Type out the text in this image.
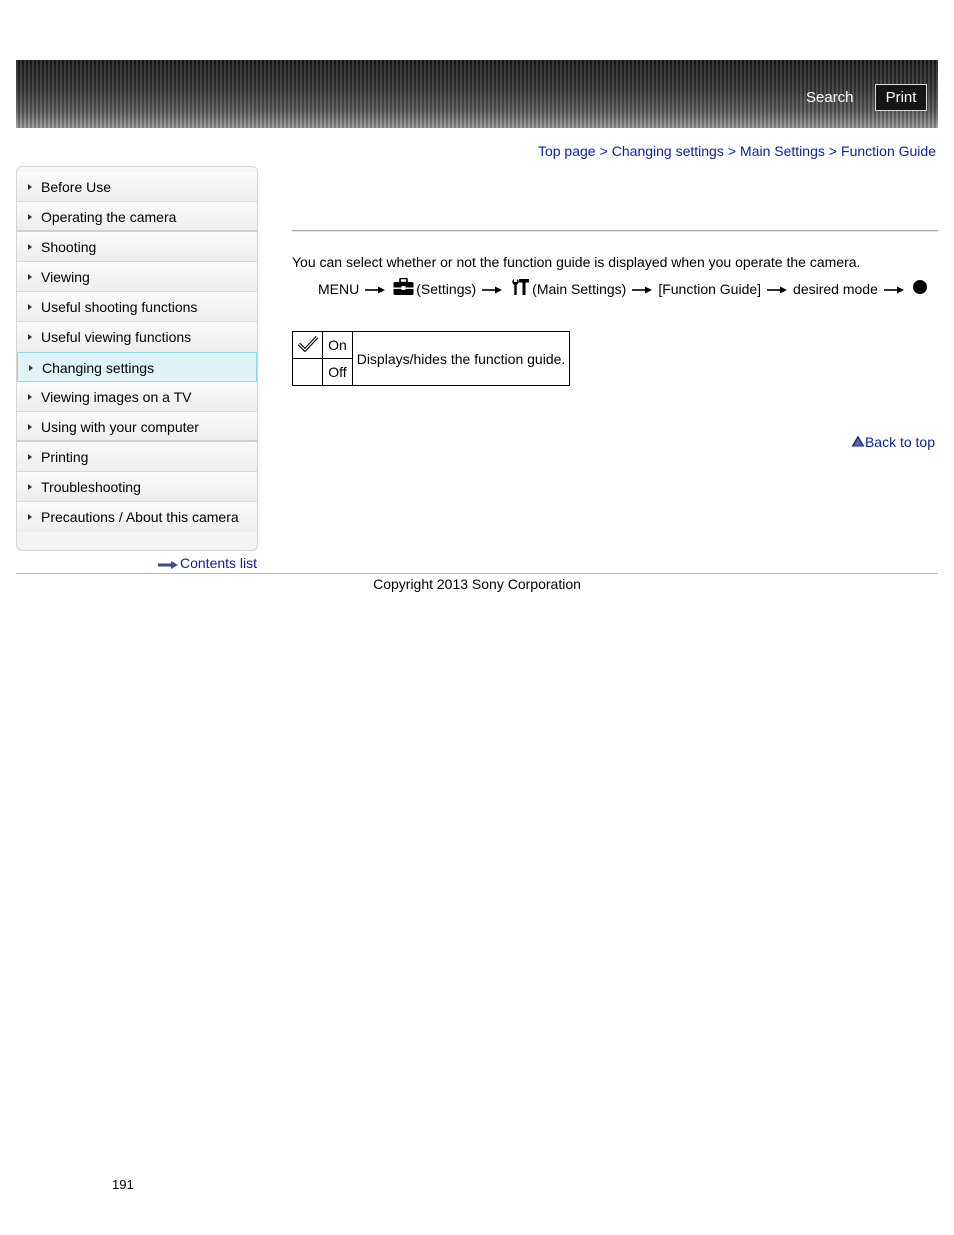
Search	Print
Top page > Changing settings > Main Settings > Function Guide
Before Use
Operating the camera
Shooting
Viewing
Useful shooting functions
Useful viewing functions
Changing settings
Viewing images on a TV
Using with your computer
Printing
Troubleshooting
Precautions / About this camera
Contents list
You can select whether or not the function guide is displayed when you operate the camera.
MENU	(Settings)	(Main Settings) [Function Guide] desired mode
	On	Displays/hides the function guide.
	Off	
Back to top
Copyright 2013 Sony Corporation
191
